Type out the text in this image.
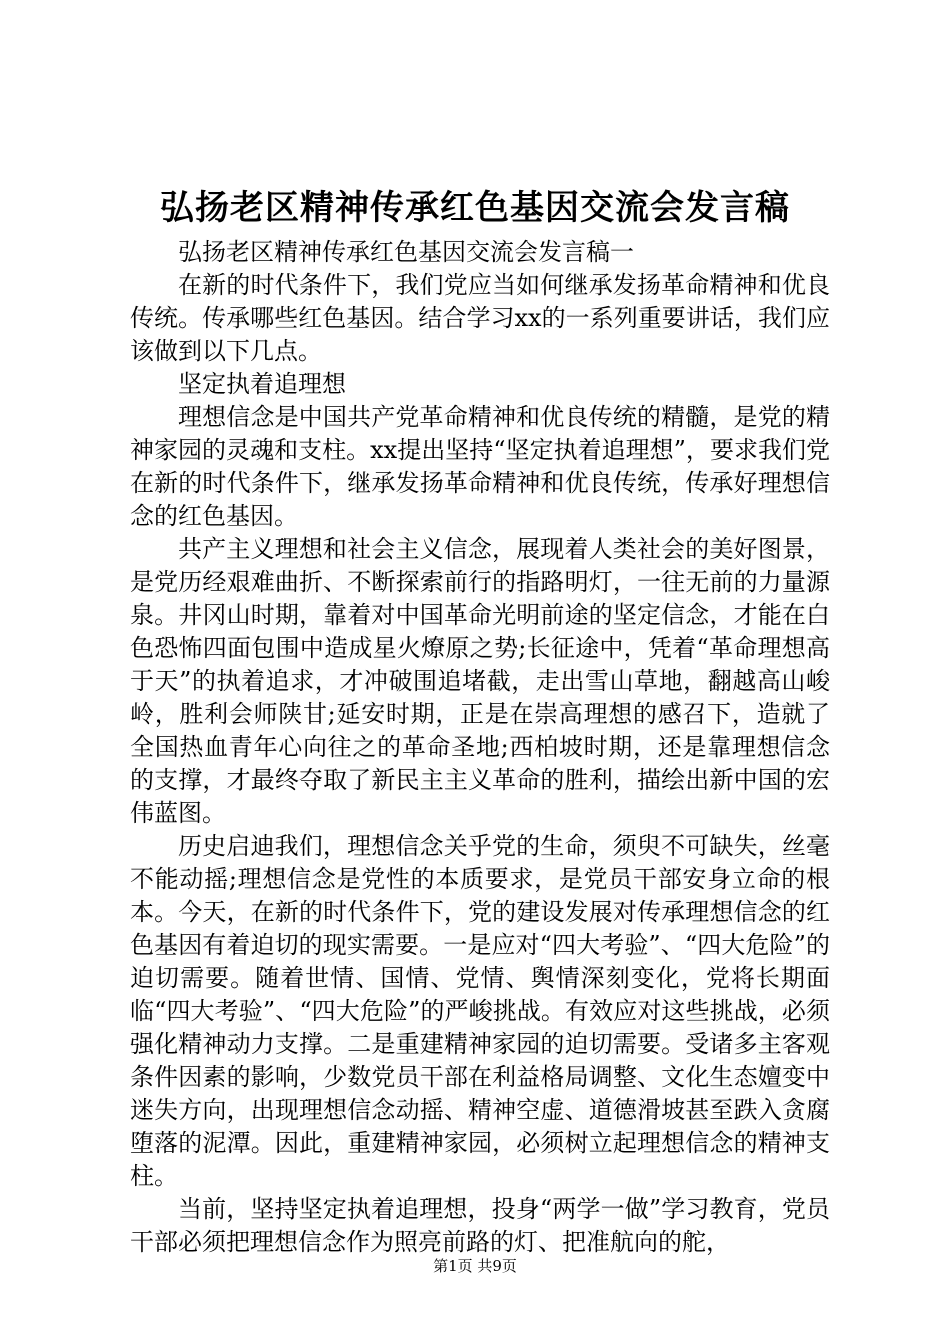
弘扬老区精神传承红色基因交流会发言稿

弘扬老区精神传承红色基因交流会发言稿一

在新的时代条件下，我们党应当如何继承发扬革命精神和优良传统。传承哪些红色基因。结合学习xx的一系列重要讲话，我们应该做到以下几点。

坚定执着追理想

理想信念是中国共产党革命精神和优良传统的精髓，是党的精神家园的灵魂和支柱。xx提出坚持“坚定执着追理想”，要求我们党在新的时代条件下，继承发扬革命精神和优良传统，传承好理想信念的红色基因。

共产主义理想和社会主义信念，展现着人类社会的美好图景，是党历经艰难曲折、不断探索前行的指路明灯，一往无前的力量源泉。井冈山时期，靠着对中国革命光明前途的坚定信念，才能在白色恐怖四面包围中造成星火燎原之势;长征途中，凭着“革命理想高于天”的执着追求，才冲破围追堵截，走出雪山草地，翻越高山峻岭，胜利会师陕甘;延安时期，正是在崇高理想的感召下，造就了全国热血青年心向往之的革命圣地;西柏坡时期，还是靠理想信念的支撑，才最终夺取了新民主主义革命的胜利，描绘出新中国的宏伟蓝图。

历史启迪我们，理想信念关乎党的生命，须臾不可缺失，丝毫不能动摇;理想信念是党性的本质要求，是党员干部安身立命的根本。今天，在新的时代条件下，党的建设发展对传承理想信念的红色基因有着迫切的现实需要。一是应对“四大考验”、“四大危险”的迫切需要。随着世情、国情、党情、舆情深刻变化，党将长期面临“四大考验”、“四大危险”的严峻挑战。有效应对这些挑战，必须强化精神动力支撑。二是重建精神家园的迫切需要。受诸多主客观条件因素的影响，少数党员干部在利益格局调整、文化生态嬗变中迷失方向，出现理想信念动摇、精神空虚、道德滑坡甚至跌入贪腐堕落的泥潭。因此，重建精神家园，必须树立起理想信念的精神支柱。

当前，坚持坚定执着追理想，投身“两学一做”学习教育，党员干部必须把理想信念作为照亮前路的灯、把准航向的舵，

第1页 共9页
